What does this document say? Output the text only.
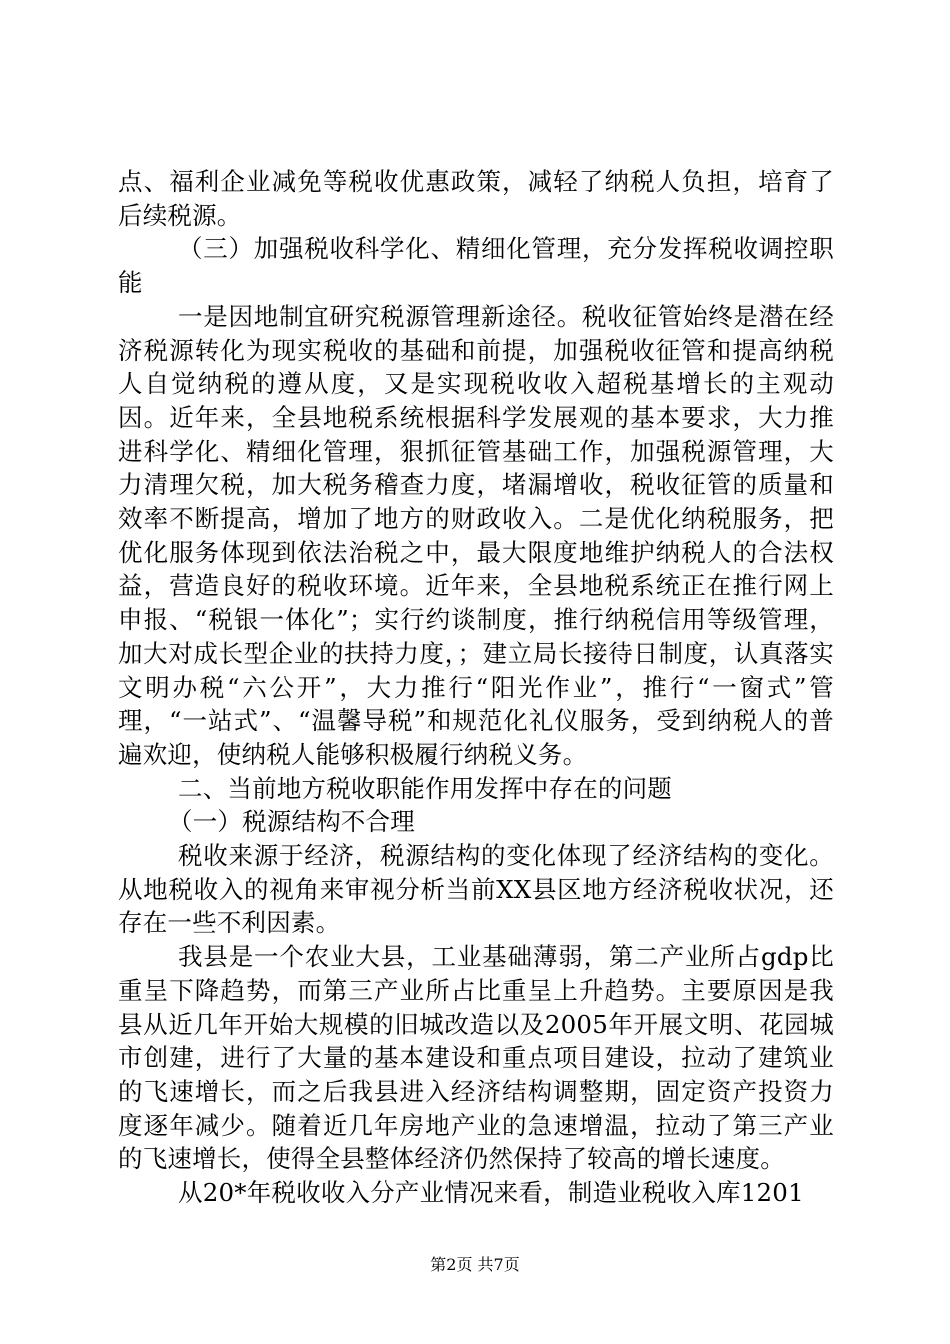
点、福利企业减免等税收优惠政策，减轻了纳税人负担，培育了后续税源。

（三）加强税收科学化、精细化管理，充分发挥税收调控职能

一是因地制宜研究税源管理新途径。税收征管始终是潜在经济税源转化为现实税收的基础和前提，加强税收征管和提高纳税人自觉纳税的遵从度，又是实现税收收入超税基增长的主观动因。近年来，全县地税系统根据科学发展观的基本要求，大力推进科学化、精细化管理，狠抓征管基础工作，加强税源管理，大力清理欠税，加大税务稽查力度，堵漏增收，税收征管的质量和效率不断提高，增加了地方的财政收入。二是优化纳税服务，把优化服务体现到依法治税之中，最大限度地维护纳税人的合法权益，营造良好的税收环境。近年来，全县地税系统正在推行网上申报、“税银一体化”；实行约谈制度，推行纳税信用等级管理，加大对成长型企业的扶持力度，；建立局长接待日制度，认真落实文明办税“六公开”，大力推行“阳光作业”，推行“一窗式”管理，“一站式”、“温馨导税”和规范化礼仪服务，受到纳税人的普遍欢迎，使纳税人能够积极履行纳税义务。

二、当前地方税收职能作用发挥中存在的问题

（一）税源结构不合理

税收来源于经济，税源结构的变化体现了经济结构的变化。从地税收入的视角来审视分析当前XX县区地方经济税收状况，还存在一些不利因素。

我县是一个农业大县，工业基础薄弱，第二产业所占gdp比重呈下降趋势，而第三产业所占比重呈上升趋势。主要原因是我县从近几年开始大规模的旧城改造以及2005年开展文明、花园城市创建，进行了大量的基本建设和重点项目建设，拉动了建筑业的飞速增长，而之后我县进入经济结构调整期，固定资产投资力度逐年减少。随着近几年房地产业的急速增温，拉动了第三产业的飞速增长，使得全县整体经济仍然保持了较高的增长速度。

从20*年税收收入分产业情况来看，制造业税收入库1201

第2页 共7页
